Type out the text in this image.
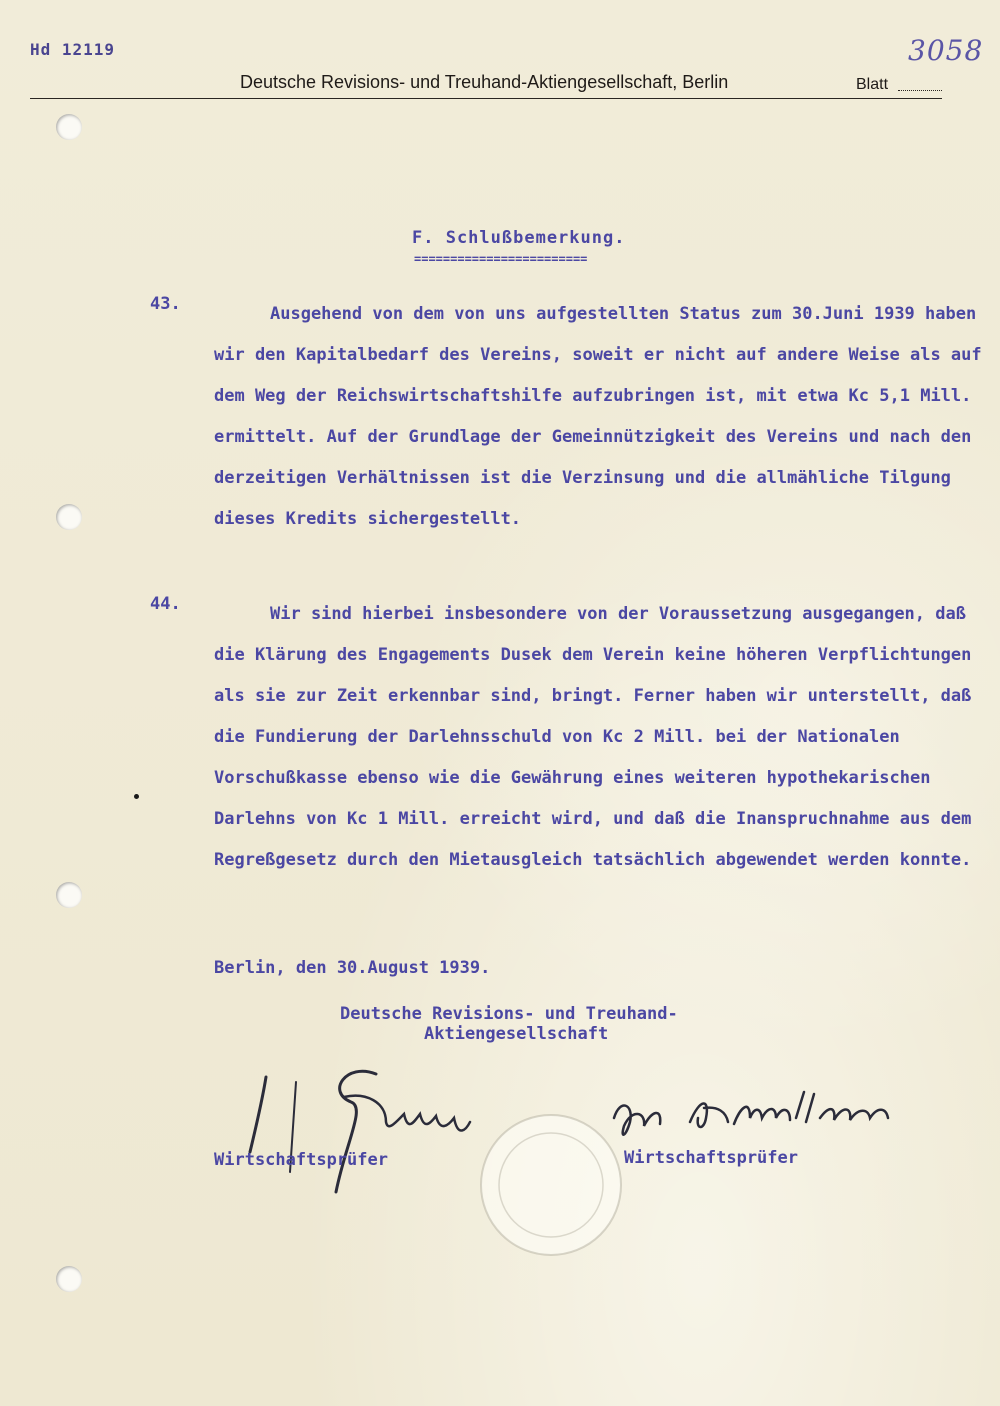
Hd 12119
Deutsche Revisions- und Treuhand-Aktiengesellschaft, Berlin	Blatt
3058
F. Schlußbemerkung.
========================
43.	Ausgehend von dem von uns aufgestellten Status zum 30.Juni 1939 haben wir den Kapitalbedarf des Vereins, soweit er nicht auf andere Weise als auf dem Weg der Reichswirtschaftshilfe aufzubringen ist, mit etwa Kc 5,1 Mill. ermittelt. Auf der Grundlage der Gemeinnützigkeit des Vereins und nach den derzeitigen Verhältnissen ist die Verzinsung und die allmähliche Tilgung dieses Kredits sichergestellt.
44.	Wir sind hierbei insbesondere von der Voraussetzung ausgegangen, daß die Klärung des Engagements Dusek dem Verein keine höheren Verpflichtungen als sie zur Zeit erkennbar sind, bringt. Ferner haben wir unterstellt, daß die Fundierung der Darlehnsschuld von Kc 2 Mill. bei der Nationalen Vorschußkasse ebenso wie die Gewährung eines weiteren hypothekarischen Darlehns von Kc 1 Mill. erreicht wird, und daß die Inanspruchnahme aus dem Regreßgesetz durch den Mietausgleich tatsächlich abgewendet werden konnte.
Berlin, den 30.August 1939.
Deutsche Revisions- und Treuhand-
Aktiengesellschaft
Wirtschaftsprüfer	Wirtschaftsprüfer
